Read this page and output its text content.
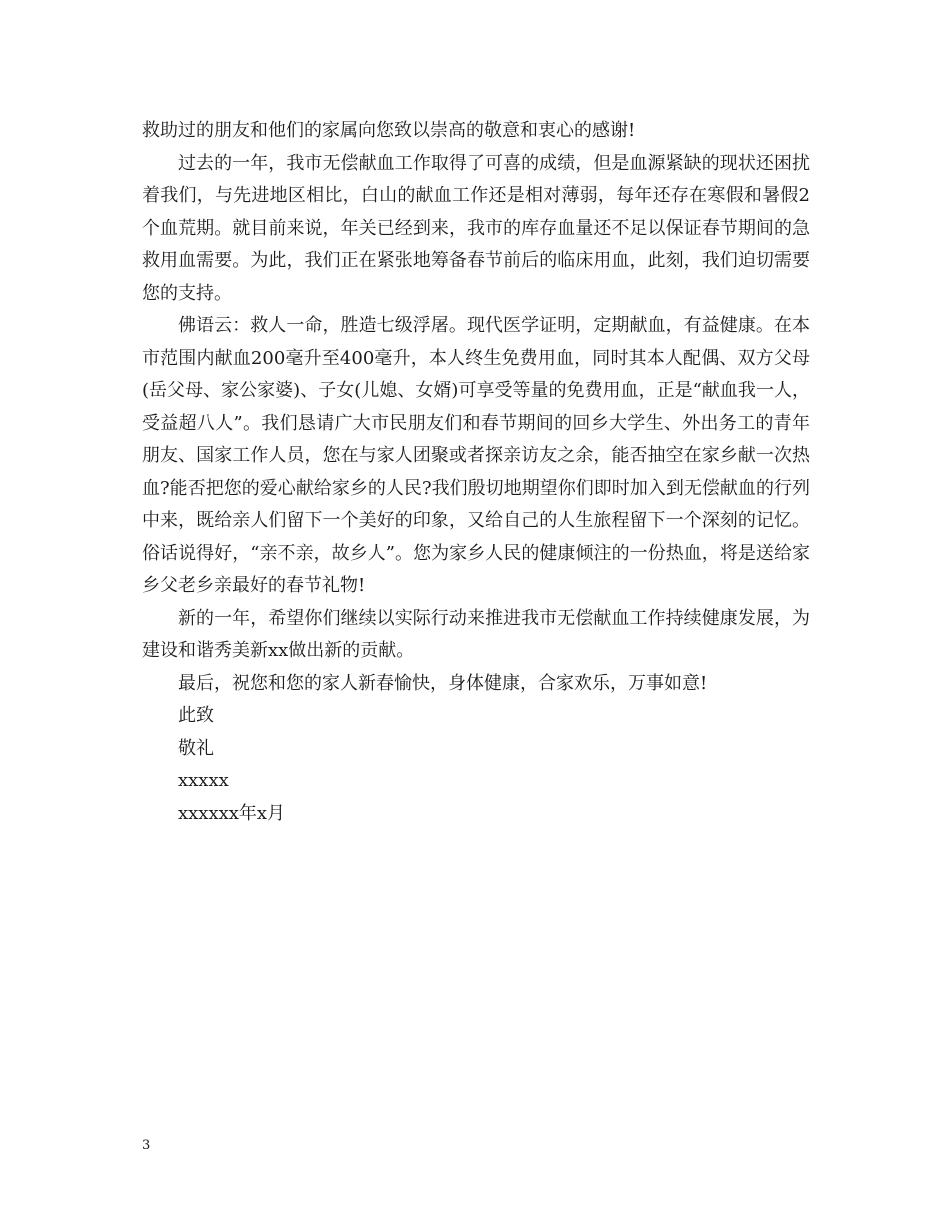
救助过的朋友和他们的家属向您致以崇高的敬意和衷心的感谢!

过去的一年，我市无偿献血工作取得了可喜的成绩，但是血源紧缺的现状还困扰着我们，与先进地区相比，白山的献血工作还是相对薄弱，每年还存在寒假和暑假2个血荒期。就目前来说，年关已经到来，我市的库存血量还不足以保证春节期间的急救用血需要。为此，我们正在紧张地筹备春节前后的临床用血，此刻，我们迫切需要您的支持。

佛语云：救人一命，胜造七级浮屠。现代医学证明，定期献血，有益健康。在本市范围内献血200毫升至400毫升，本人终生免费用血，同时其本人配偶、双方父母(岳父母、家公家婆)、子女(儿媳、女婿)可享受等量的免费用血，正是“献血我一人，受益超八人”。我们恳请广大市民朋友们和春节期间的回乡大学生、外出务工的青年朋友、国家工作人员，您在与家人团聚或者探亲访友之余，能否抽空在家乡献一次热血?能否把您的爱心献给家乡的人民?我们殷切地期望你们即时加入到无偿献血的行列中来，既给亲人们留下一个美好的印象，又给自己的人生旅程留下一个深刻的记忆。俗话说得好，“亲不亲，故乡人”。您为家乡人民的健康倾注的一份热血，将是送给家乡父老乡亲最好的春节礼物!

新的一年，希望你们继续以实际行动来推进我市无偿献血工作持续健康发展，为建设和谐秀美新xx做出新的贡献。

最后，祝您和您的家人新春愉快，身体健康，合家欢乐，万事如意!

此致

敬礼

xxxxx

xxxxxx年x月

3
